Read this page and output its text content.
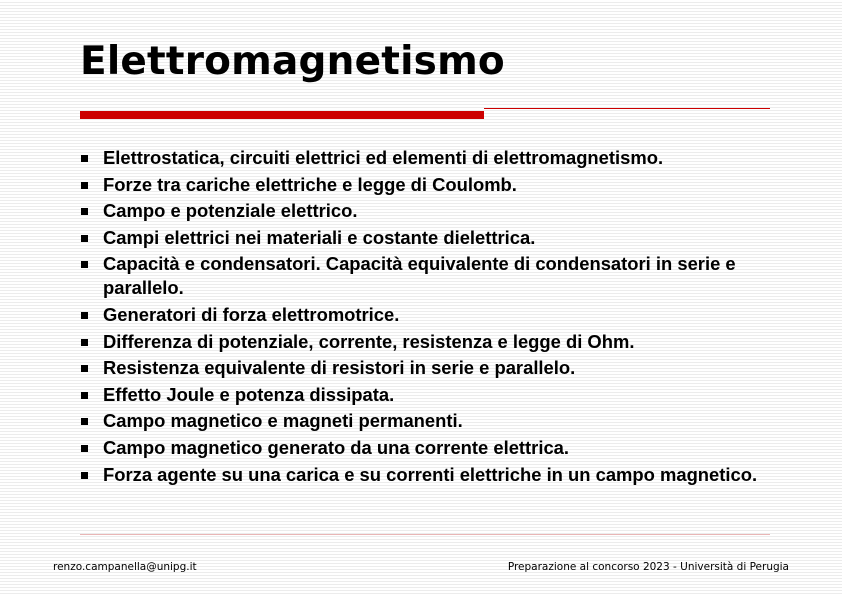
Elettromagnetismo
Elettrostatica, circuiti elettrici ed elementi di elettromagnetismo.
Forze tra cariche elettriche e legge di Coulomb.
Campo e potenziale elettrico.
Campi elettrici nei materiali e costante dielettrica.
Capacità e condensatori. Capacità equivalente di condensatori in serie e parallelo.
Generatori di forza elettromotrice.
Differenza di potenziale, corrente, resistenza e legge di Ohm.
Resistenza equivalente di resistori in serie e parallelo.
Effetto Joule e potenza dissipata.
Campo magnetico e magneti permanenti.
Campo magnetico generato da una corrente elettrica.
Forza agente su una carica e su correnti elettriche in un campo magnetico.
renzo.campanella@unipg.it	Preparazione al concorso 2023 - Università di Perugia
